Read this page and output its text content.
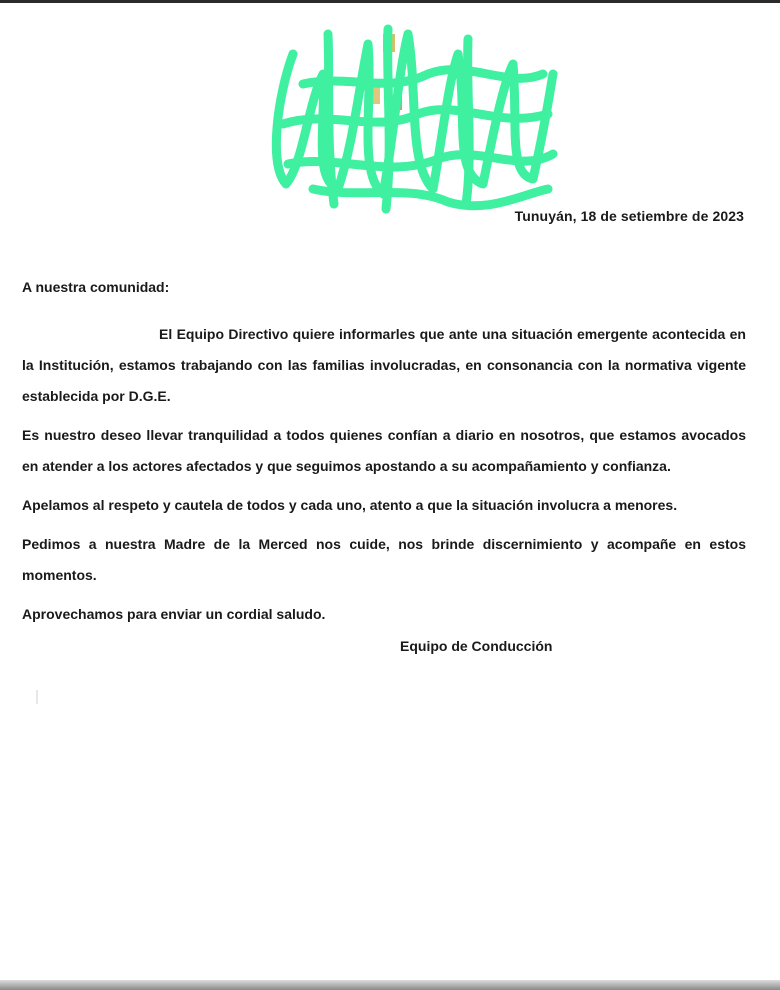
O
Tunuyán, 18 de setiembre de 2023

A nuestra comunidad:

El Equipo Directivo quiere informarles que ante una situación emergente acontecida en la Institución, estamos trabajando con las familias involucradas, en consonancia con la normativa vigente establecida por D.G.E.

Es nuestro deseo llevar tranquilidad a todos quienes confían a diario en nosotros, que estamos avocados en atender a los actores afectados y que seguimos apostando a su acompañamiento y confianza.

Apelamos al respeto y cautela de todos y cada uno, atento a que la situación involucra a menores.

Pedimos a nuestra Madre de la Merced nos cuide, nos brinde discernimiento y acompañe en estos momentos.

Aprovechamos para enviar un cordial saludo.

Equipo de Conducción
